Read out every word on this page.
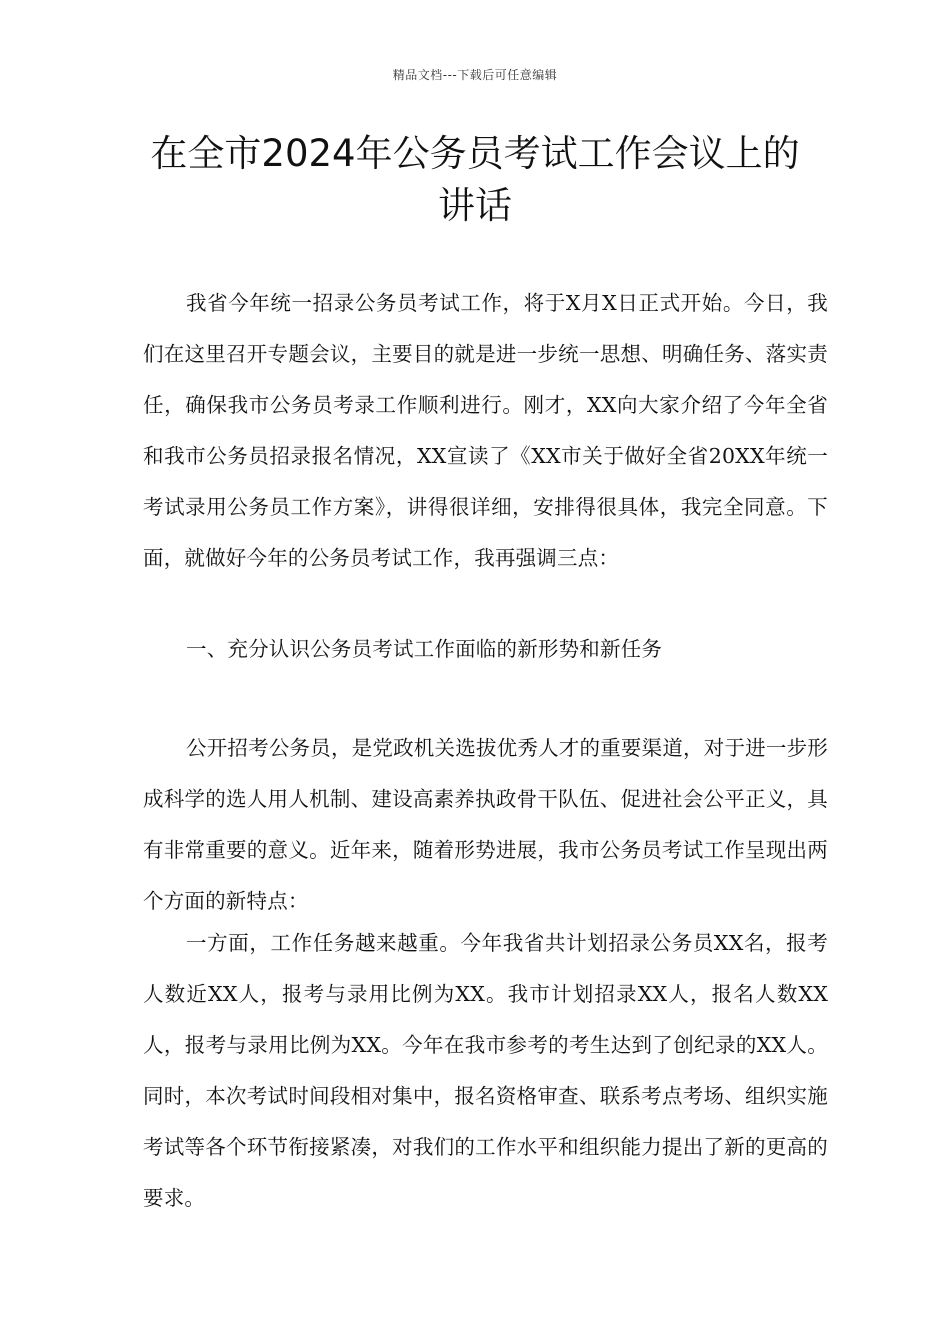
精品文档---下载后可任意编辑
在全市2024年公务员考试工作会议上的讲话

我省今年统一招录公务员考试工作，将于X月X日正式开始。今日，我们在这里召开专题会议，主要目的就是进一步统一思想、明确任务、落实责任，确保我市公务员考录工作顺利进行。刚才，XX向大家介绍了今年全省和我市公务员招录报名情况，XX宣读了《XX市关于做好全省20XX年统一考试录用公务员工作方案》，讲得很详细，安排得很具体，我完全同意。下面，就做好今年的公务员考试工作，我再强调三点：

一、充分认识公务员考试工作面临的新形势和新任务

公开招考公务员，是党政机关选拔优秀人才的重要渠道，对于进一步形成科学的选人用人机制、建设高素养执政骨干队伍、促进社会公平正义，具有非常重要的意义。近年来，随着形势进展，我市公务员考试工作呈现出两个方面的新特点：

一方面，工作任务越来越重。今年我省共计划招录公务员XX名，报考人数近XX人，报考与录用比例为XX。我市计划招录XX人，报名人数XX人，报考与录用比例为XX。今年在我市参考的考生达到了创纪录的XX人。同时，本次考试时间段相对集中，报名资格审查、联系考点考场、组织实施考试等各个环节衔接紧凑，对我们的工作水平和组织能力提出了新的更高的要求。
